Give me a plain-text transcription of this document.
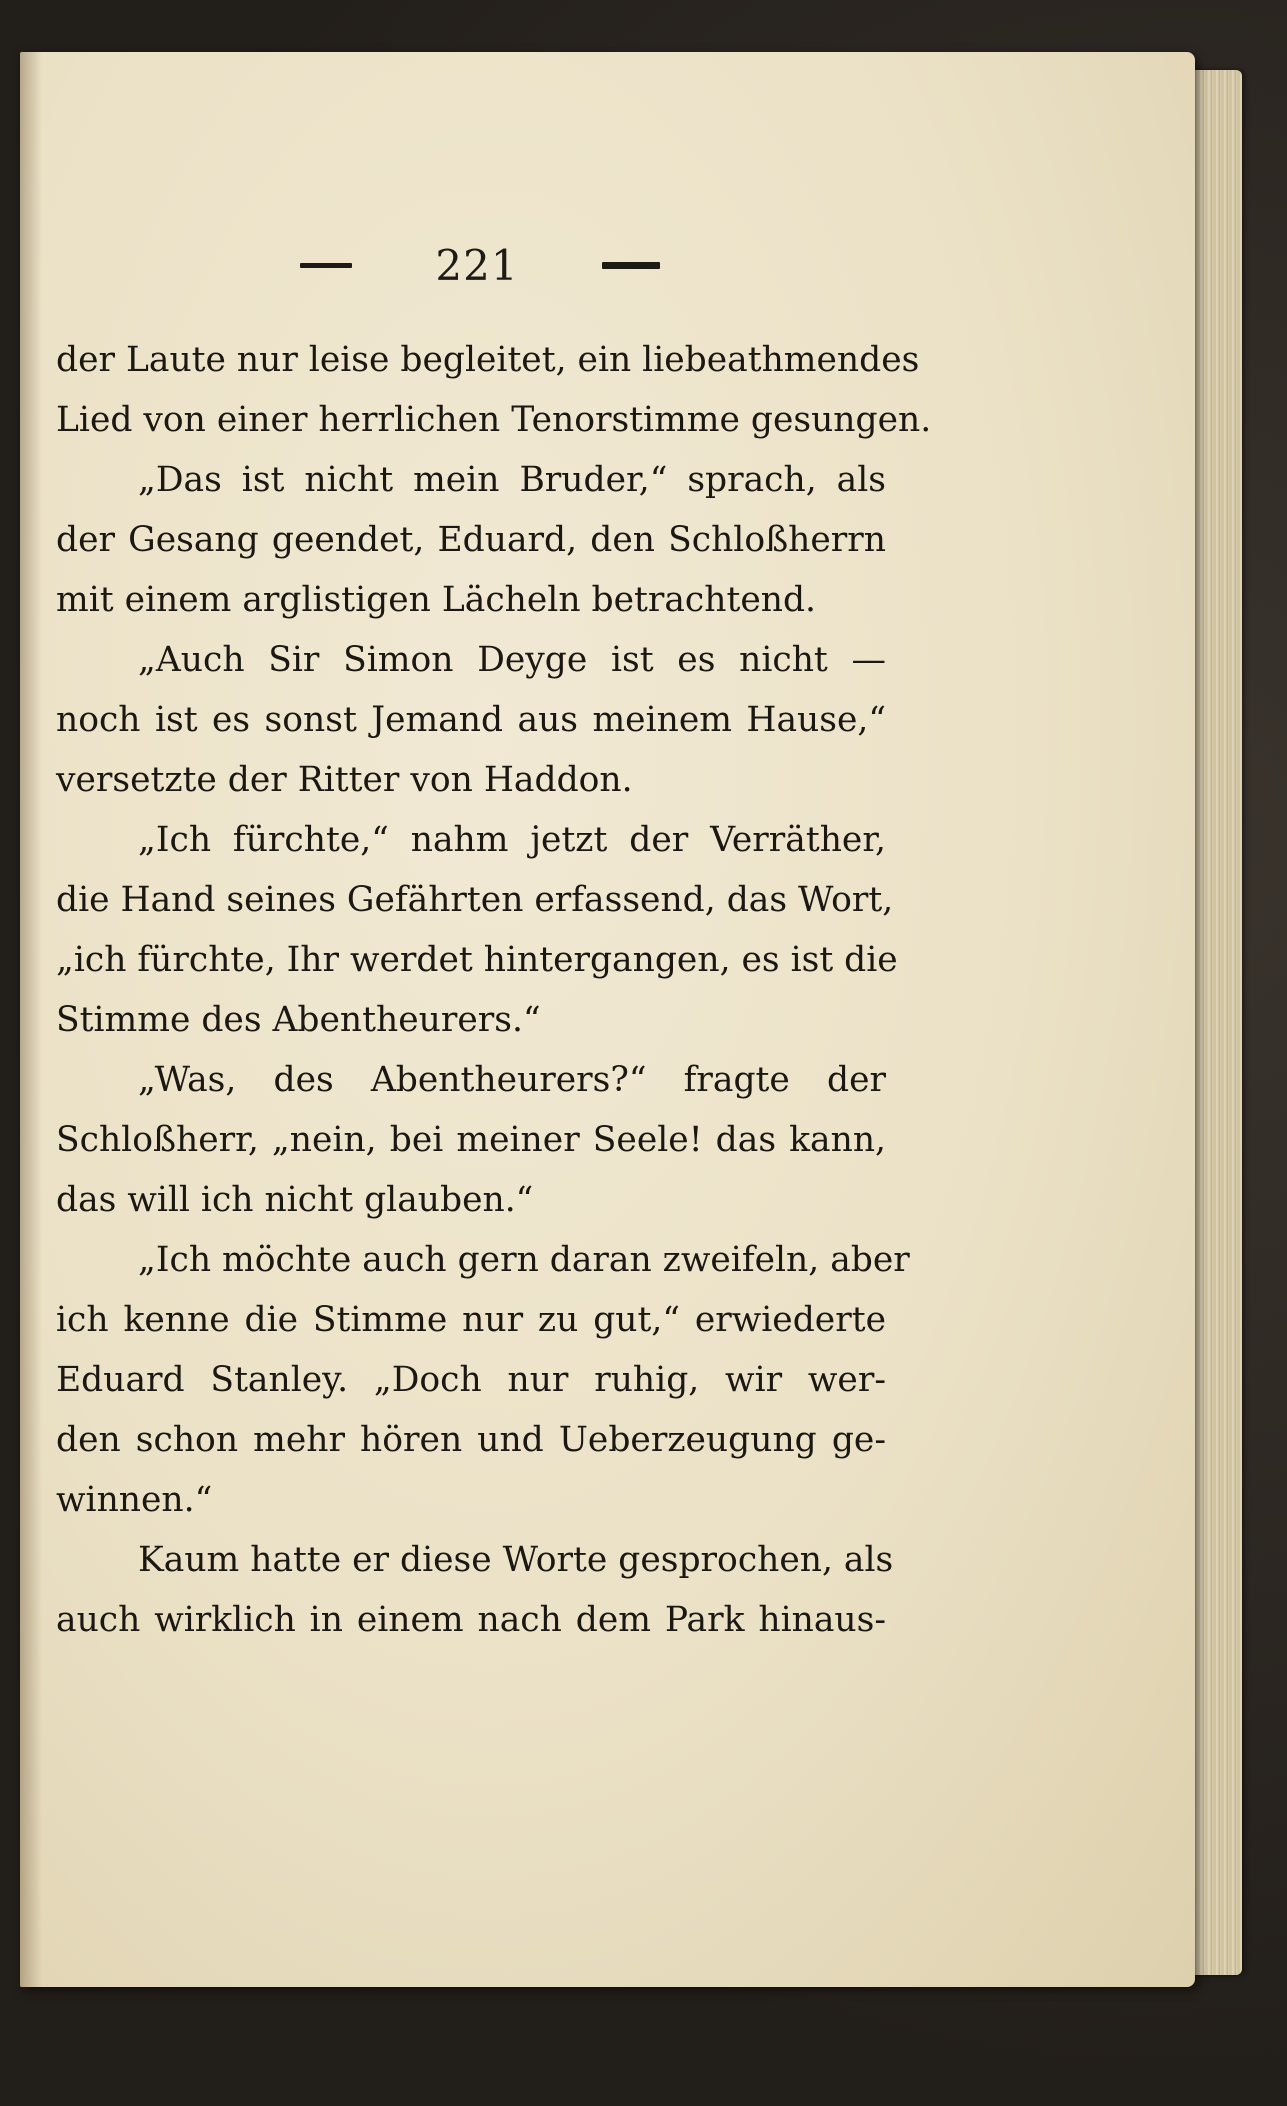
221
der Laute nur leise begleitet, ein liebeathmendes
Lied von einer herrlichen Tenorstimme gesungen.
„Das ist nicht mein Bruder,“ sprach, als
der Gesang geendet, Eduard, den Schloßherrn
mit einem arglistigen Lächeln betrachtend.
„Auch Sir Simon Deyge ist es nicht —
noch ist es sonst Jemand aus meinem Hause,“
versetzte der Ritter von Haddon.
„Ich fürchte,“ nahm jetzt der Verräther,
die Hand seines Gefährten erfassend, das Wort,
„ich fürchte, Ihr werdet hintergangen, es ist die
Stimme des Abentheurers.“
„Was, des Abentheurers?“ fragte der
Schloßherr, „nein, bei meiner Seele! das kann,
das will ich nicht glauben.“
„Ich möchte auch gern daran zweifeln, aber
ich kenne die Stimme nur zu gut,“ erwiederte
Eduard Stanley. „Doch nur ruhig, wir wer-
den schon mehr hören und Ueberzeugung ge-
winnen.“
Kaum hatte er diese Worte gesprochen, als
auch wirklich in einem nach dem Park hinaus-
